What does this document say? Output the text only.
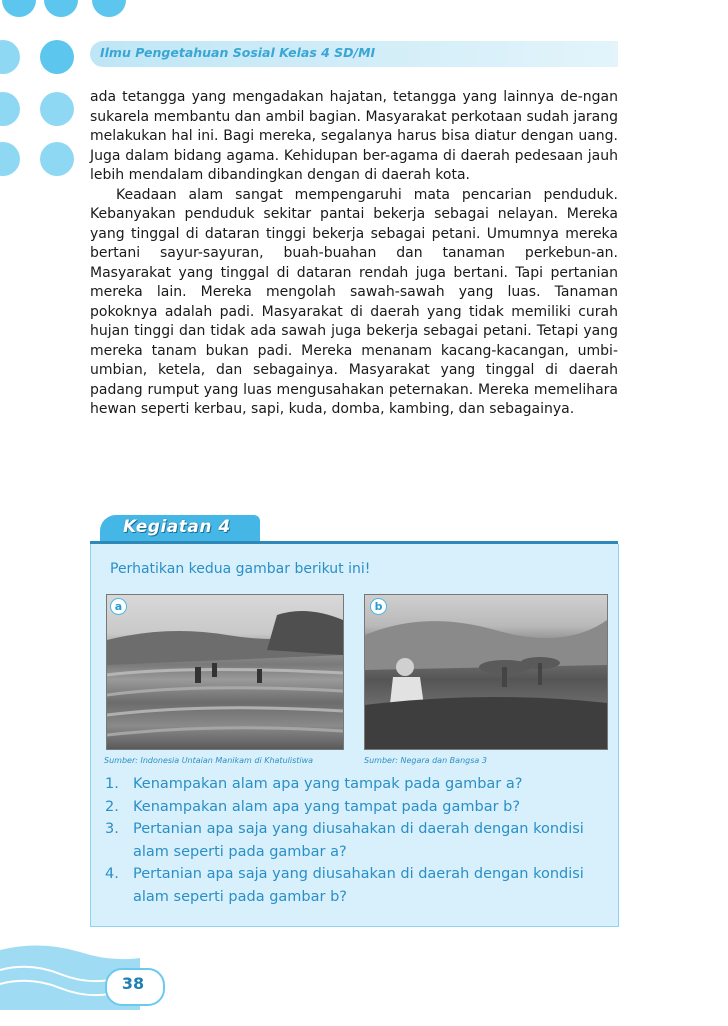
Ilmu Pengetahuan Sosial Kelas 4 SD/MI

ada tetangga yang mengadakan hajatan, tetangga yang lainnya de-ngan sukarela membantu dan ambil bagian. Masyarakat perkotaan sudah jarang melakukan hal ini. Bagi mereka, segalanya harus bisa diatur dengan uang. Juga dalam bidang agama. Kehidupan ber-agama di daerah pedesaan jauh lebih mendalam dibandingkan dengan di daerah kota.

Keadaan alam sangat mempengaruhi mata pencarian penduduk. Kebanyakan penduduk sekitar pantai bekerja sebagai nelayan. Mereka yang tinggal di dataran tinggi bekerja sebagai petani. Umumnya mereka bertani sayur-sayuran, buah-buahan dan tanaman perkebun-an. Masyarakat yang tinggal di dataran rendah juga bertani. Tapi pertanian mereka lain. Mereka mengolah sawah-sawah yang luas. Tanaman pokoknya adalah padi. Masyarakat di daerah yang tidak memiliki curah hujan tinggi dan tidak ada sawah juga bekerja sebagai petani. Tetapi yang mereka tanam bukan padi. Mereka menanam kacang-kacangan, umbi-umbian, ketela, dan sebagainya. Masyarakat yang tinggal di daerah padang rumput yang luas mengusahakan peternakan. Mereka memelihara hewan seperti kerbau, sapi, kuda, domba, kambing, dan sebagainya.

Kegiatan 4

Perhatikan kedua gambar berikut ini!

a	b

Sumber: Indonesia Untaian Manikam di Khatulistiwa	Sumber: Negara dan Bangsa 3

1. Kenampakan alam apa yang tampak pada gambar a?
2. Kenampakan alam apa yang tampat pada gambar b?
3. Pertanian apa saja yang diusahakan di daerah dengan kondisi alam seperti pada gambar a?
4. Pertanian apa saja yang diusahakan di daerah dengan kondisi alam seperti pada gambar b?
38
